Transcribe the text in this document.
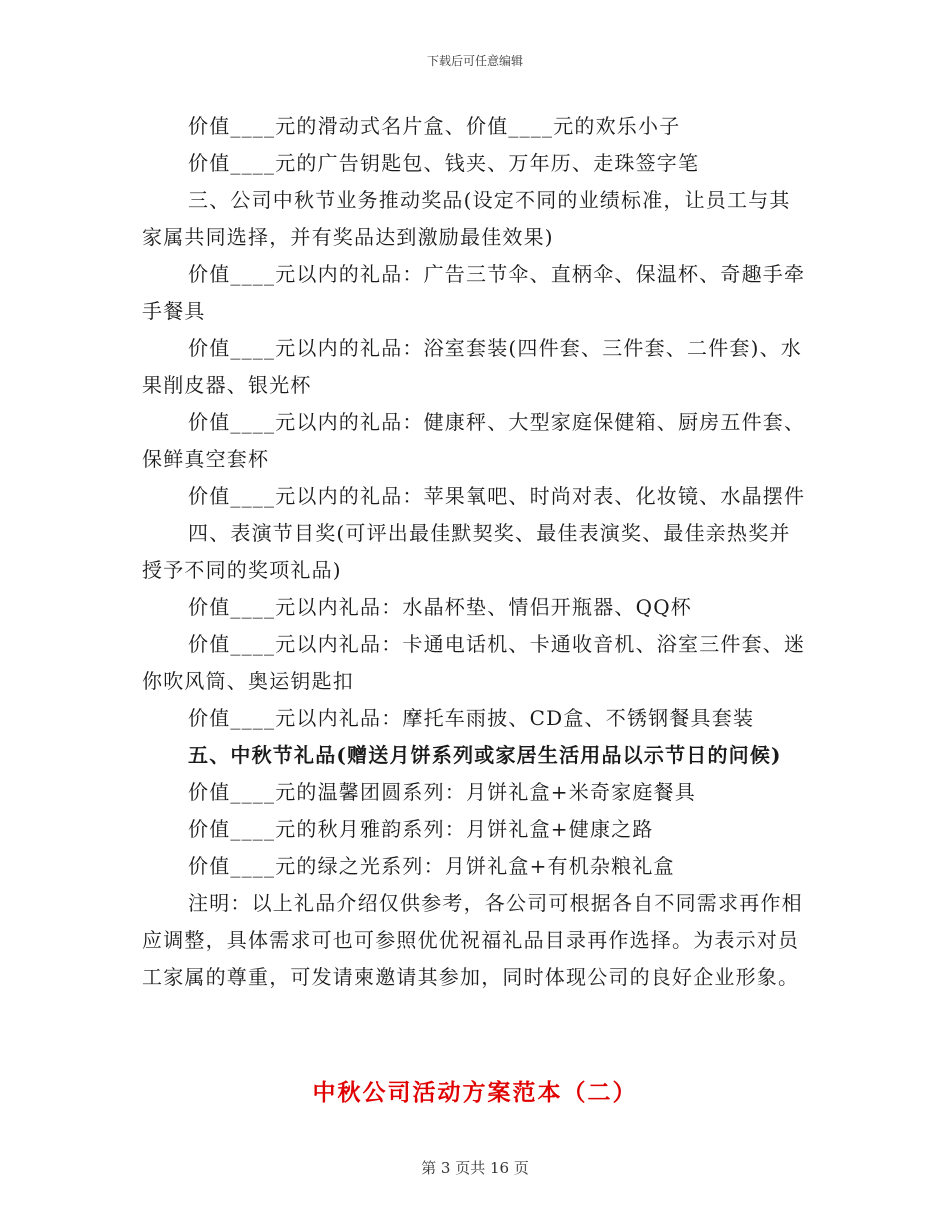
下载后可任意编辑

价值____元的滑动式名片盒、价值____元的欢乐小子

价值____元的广告钥匙包、钱夹、万年历、走珠签字笔

三、公司中秋节业务推动奖品(设定不同的业绩标准，让员工与其家属共同选择，并有奖品达到激励最佳效果)

价值____元以内的礼品：广告三节伞、直柄伞、保温杯、奇趣手牵手餐具

价值____元以内的礼品：浴室套装(四件套、三件套、二件套)、水果削皮器、银光杯

价值____元以内的礼品：健康秤、大型家庭保健箱、厨房五件套、保鲜真空套杯

价值____元以内的礼品：苹果氧吧、时尚对表、化妆镜、水晶摆件

四、表演节目奖(可评出最佳默契奖、最佳表演奖、最佳亲热奖并授予不同的奖项礼品)

价值____元以内礼品：水晶杯垫、情侣开瓶器、QQ杯

价值____元以内礼品：卡通电话机、卡通收音机、浴室三件套、迷你吹风筒、奥运钥匙扣

价值____元以内礼品：摩托车雨披、CD盒、不锈钢餐具套装

五、中秋节礼品(赠送月饼系列或家居生活用品以示节日的问候)

价值____元的温馨团圆系列：月饼礼盒+米奇家庭餐具

价值____元的秋月雅韵系列：月饼礼盒+健康之路

价值____元的绿之光系列：月饼礼盒+有机杂粮礼盒

注明：以上礼品介绍仅供参考，各公司可根据各自不同需求再作相应调整，具体需求可也可参照优优祝福礼品目录再作选择。为表示对员工家属的尊重，可发请柬邀请其参加，同时体现公司的良好企业形象。

中秋公司活动方案范本（二）
第 3 页共 16 页
